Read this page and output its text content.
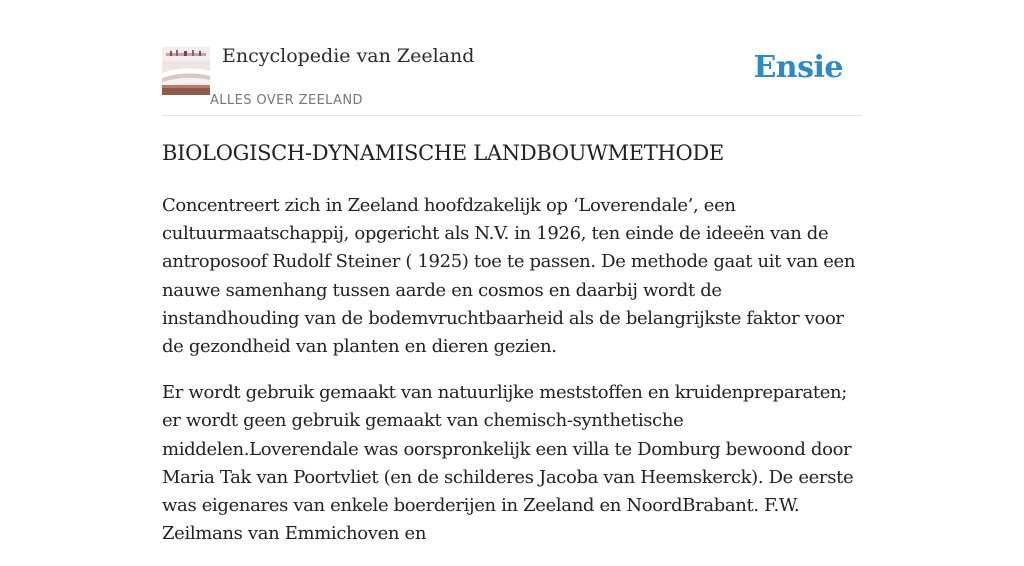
Encyclopedie van Zeeland
ALLES OVER ZEELAND
Ensie
BIOLOGISCH-DYNAMISCHE LANDBOUWMETHODE

Concentreert zich in Zeeland hoofdzakelijk op ‘Loverendale’, een cultuurmaatschappij, opgericht als N.V. in 1926, ten einde de ideeën van de antroposoof Rudolf Steiner ( 1925) toe te passen. De methode gaat uit van een nauwe samenhang tussen aarde en cosmos en daarbij wordt de instandhouding van de bodemvruchtbaarheid als de belangrijkste faktor voor de gezondheid van planten en dieren gezien.

Er wordt gebruik gemaakt van natuurlijke meststoffen en kruidenpreparaten; er wordt geen gebruik gemaakt van chemisch-synthetische middelen.Loverendale was oorspronkelijk een villa te Domburg bewoond door Maria Tak van Poortvliet (en de schilderes Jacoba van Heemskerck). De eerste was eigenares van enkele boerderijen in Zeeland en NoordBrabant. F.W. Zeilmans van Emmichoven en
